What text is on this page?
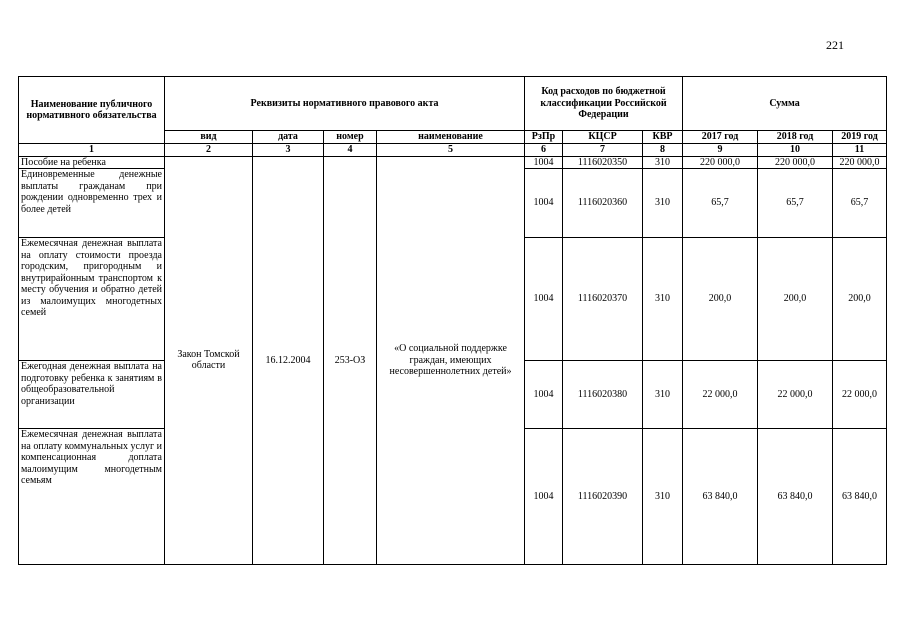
221
Наименование публичного нормативного обязательства	Реквизиты нормативного правового акта				Код расходов по бюджетной классификации Российской Федерации			Сумма		
	вид	дата	номер	наименование	РзПр	КЦСР	КВР	2017 год	2018 год	2019 год
1	2	3	4	5	6	7	8	9	10	11
Пособие на ребенка	Закон Томской области	16.12.2004	253-ОЗ	«О социальной поддержке граждан, имеющих несовершеннолетних детей»	1004	1116020350	310	220 000,0	220 000,0	220 000,0
Единовременные денежные выплаты гражданам при рождении одновременно трех и более детей					1004	1116020360	310	65,7	65,7	65,7
Ежемесячная денежная выплата на оплату стоимости проезда городским, пригородным и внутрирайонным транспортом к месту обучения и обратно детей из малоимущих многодетных семей					1004	1116020370	310	200,0	200,0	200,0
Ежегодная денежная выплата на подготовку ребенка к занятиям в общеобразовательной организации					1004	1116020380	310	22 000,0	22 000,0	22 000,0
Ежемесячная денежная выплата на оплату коммунальных услуг и компенсационная доплата малоимущим многодетным семьям					1004	1116020390	310	63 840,0	63 840,0	63 840,0
